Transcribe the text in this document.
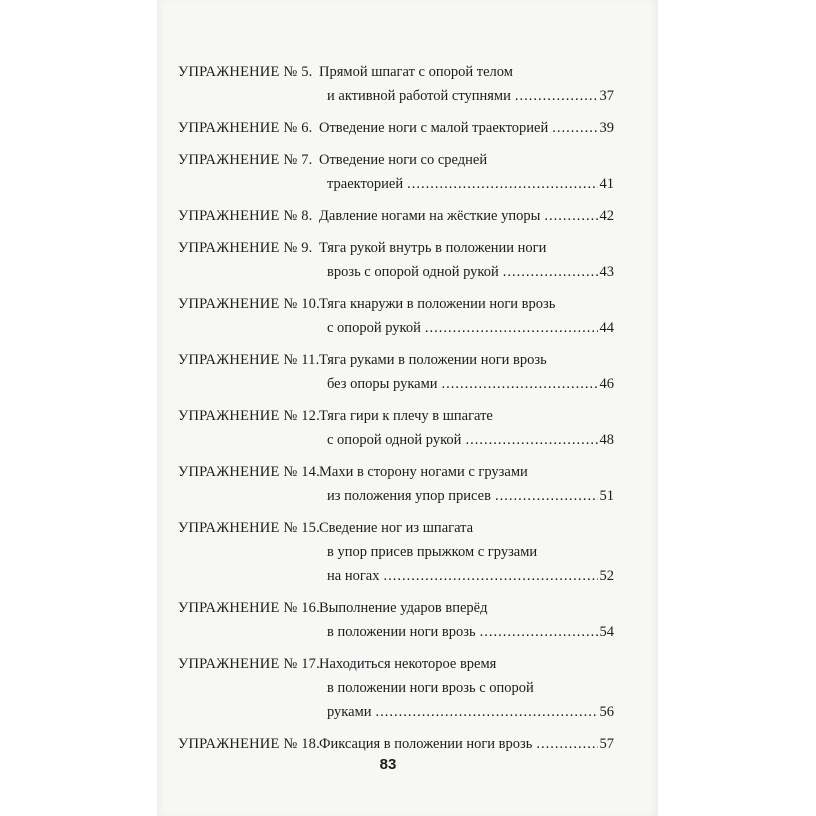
УПРАЖНЕНИЕ № 5. Прямой шпагат с опорой телом
и активной работой ступнями .....	37
УПРАЖНЕНИЕ № 6. Отведение ноги с малой траекторией .....	39
УПРАЖНЕНИЕ № 7. Отведение ноги со средней
траекторией .....	41
УПРАЖНЕНИЕ № 8. Давление ногами на жёсткие упоры .....	42
УПРАЖНЕНИЕ № 9. Тяга рукой внутрь в положении ноги
врозь с опорой одной рукой .....	43
УПРАЖНЕНИЕ № 10. Тяга кнаружи в положении ноги врозь
с опорой рукой .....	44
УПРАЖНЕНИЕ № 11. Тяга руками в положении ноги врозь
без опоры руками .....	46
УПРАЖНЕНИЕ № 12. Тяга гири к плечу в шпагате
с опорой одной рукой .....	48
УПРАЖНЕНИЕ № 14. Махи в сторону ногами с грузами
из положения упор присев .....	51
УПРАЖНЕНИЕ № 15. Сведение ног из шпагата
в упор присев прыжком с грузами
на ногах .....	52
УПРАЖНЕНИЕ № 16. Выполнение ударов вперёд
в положении ноги врозь .....	54
УПРАЖНЕНИЕ № 17. Находиться некоторое время
в положении ноги врозь с опорой
руками .....	56
УПРАЖНЕНИЕ № 18. Фиксация в положении ноги врозь .....	57
83
